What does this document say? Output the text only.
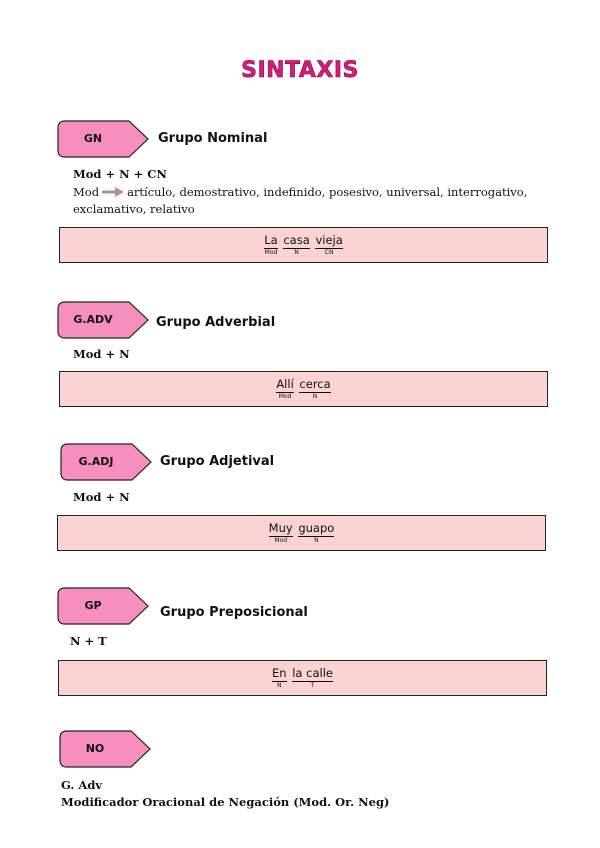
SINTAXIS
GN	Grupo Nominal
Mod + N + CN
Mod artículo, demostrativo, indefinido, posesivo, universal, interrogativo,
exclamativo, relativo
La
Mod

casa
N

vieja
CN
G.ADV	Grupo Adverbial
Mod + N
Allí
Mod

cerca
N
G.ADJ	Grupo Adjetival
Mod + N
Muy
Mod

guapo
N
GP	Grupo Preposicional
N + T
En
N

la calle
T
NO
G. Adv
Modificador Oracional de Negación (Mod. Or. Neg)
